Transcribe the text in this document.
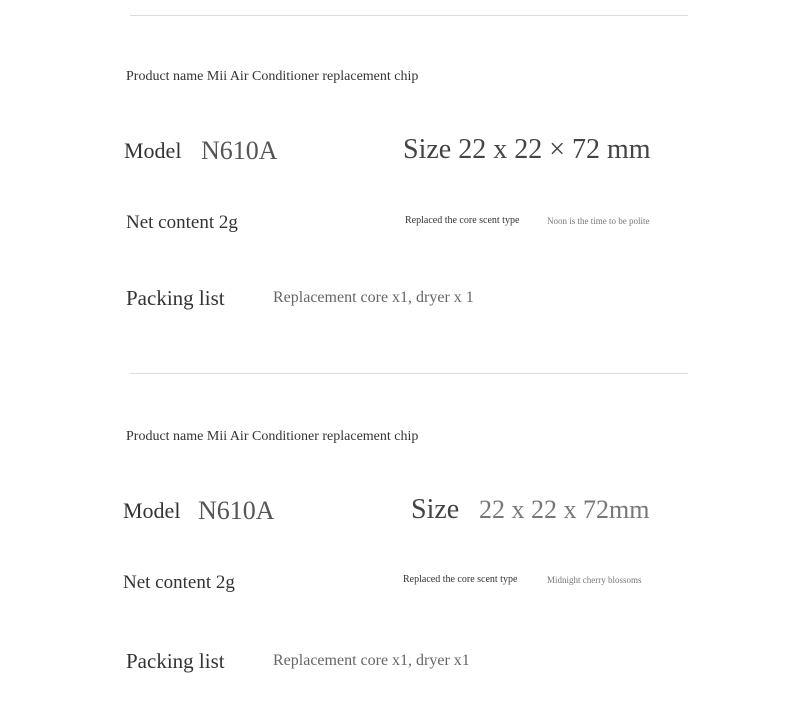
Product name Mii Air Conditioner replacement chip
Model N610A	Size 22 x 22 × 72 mm
Net content 2g	Replaced the core scent type	Noon is the time to be polite
Packing list	Replacement core x1, dryer x 1
Product name Mii Air Conditioner replacement chip
Model N610A	Size 22 x 22 x 72mm
Net content 2g	Replaced the core scent type	Midnight cherry blossoms
Packing list	Replacement core x1, dryer x1
